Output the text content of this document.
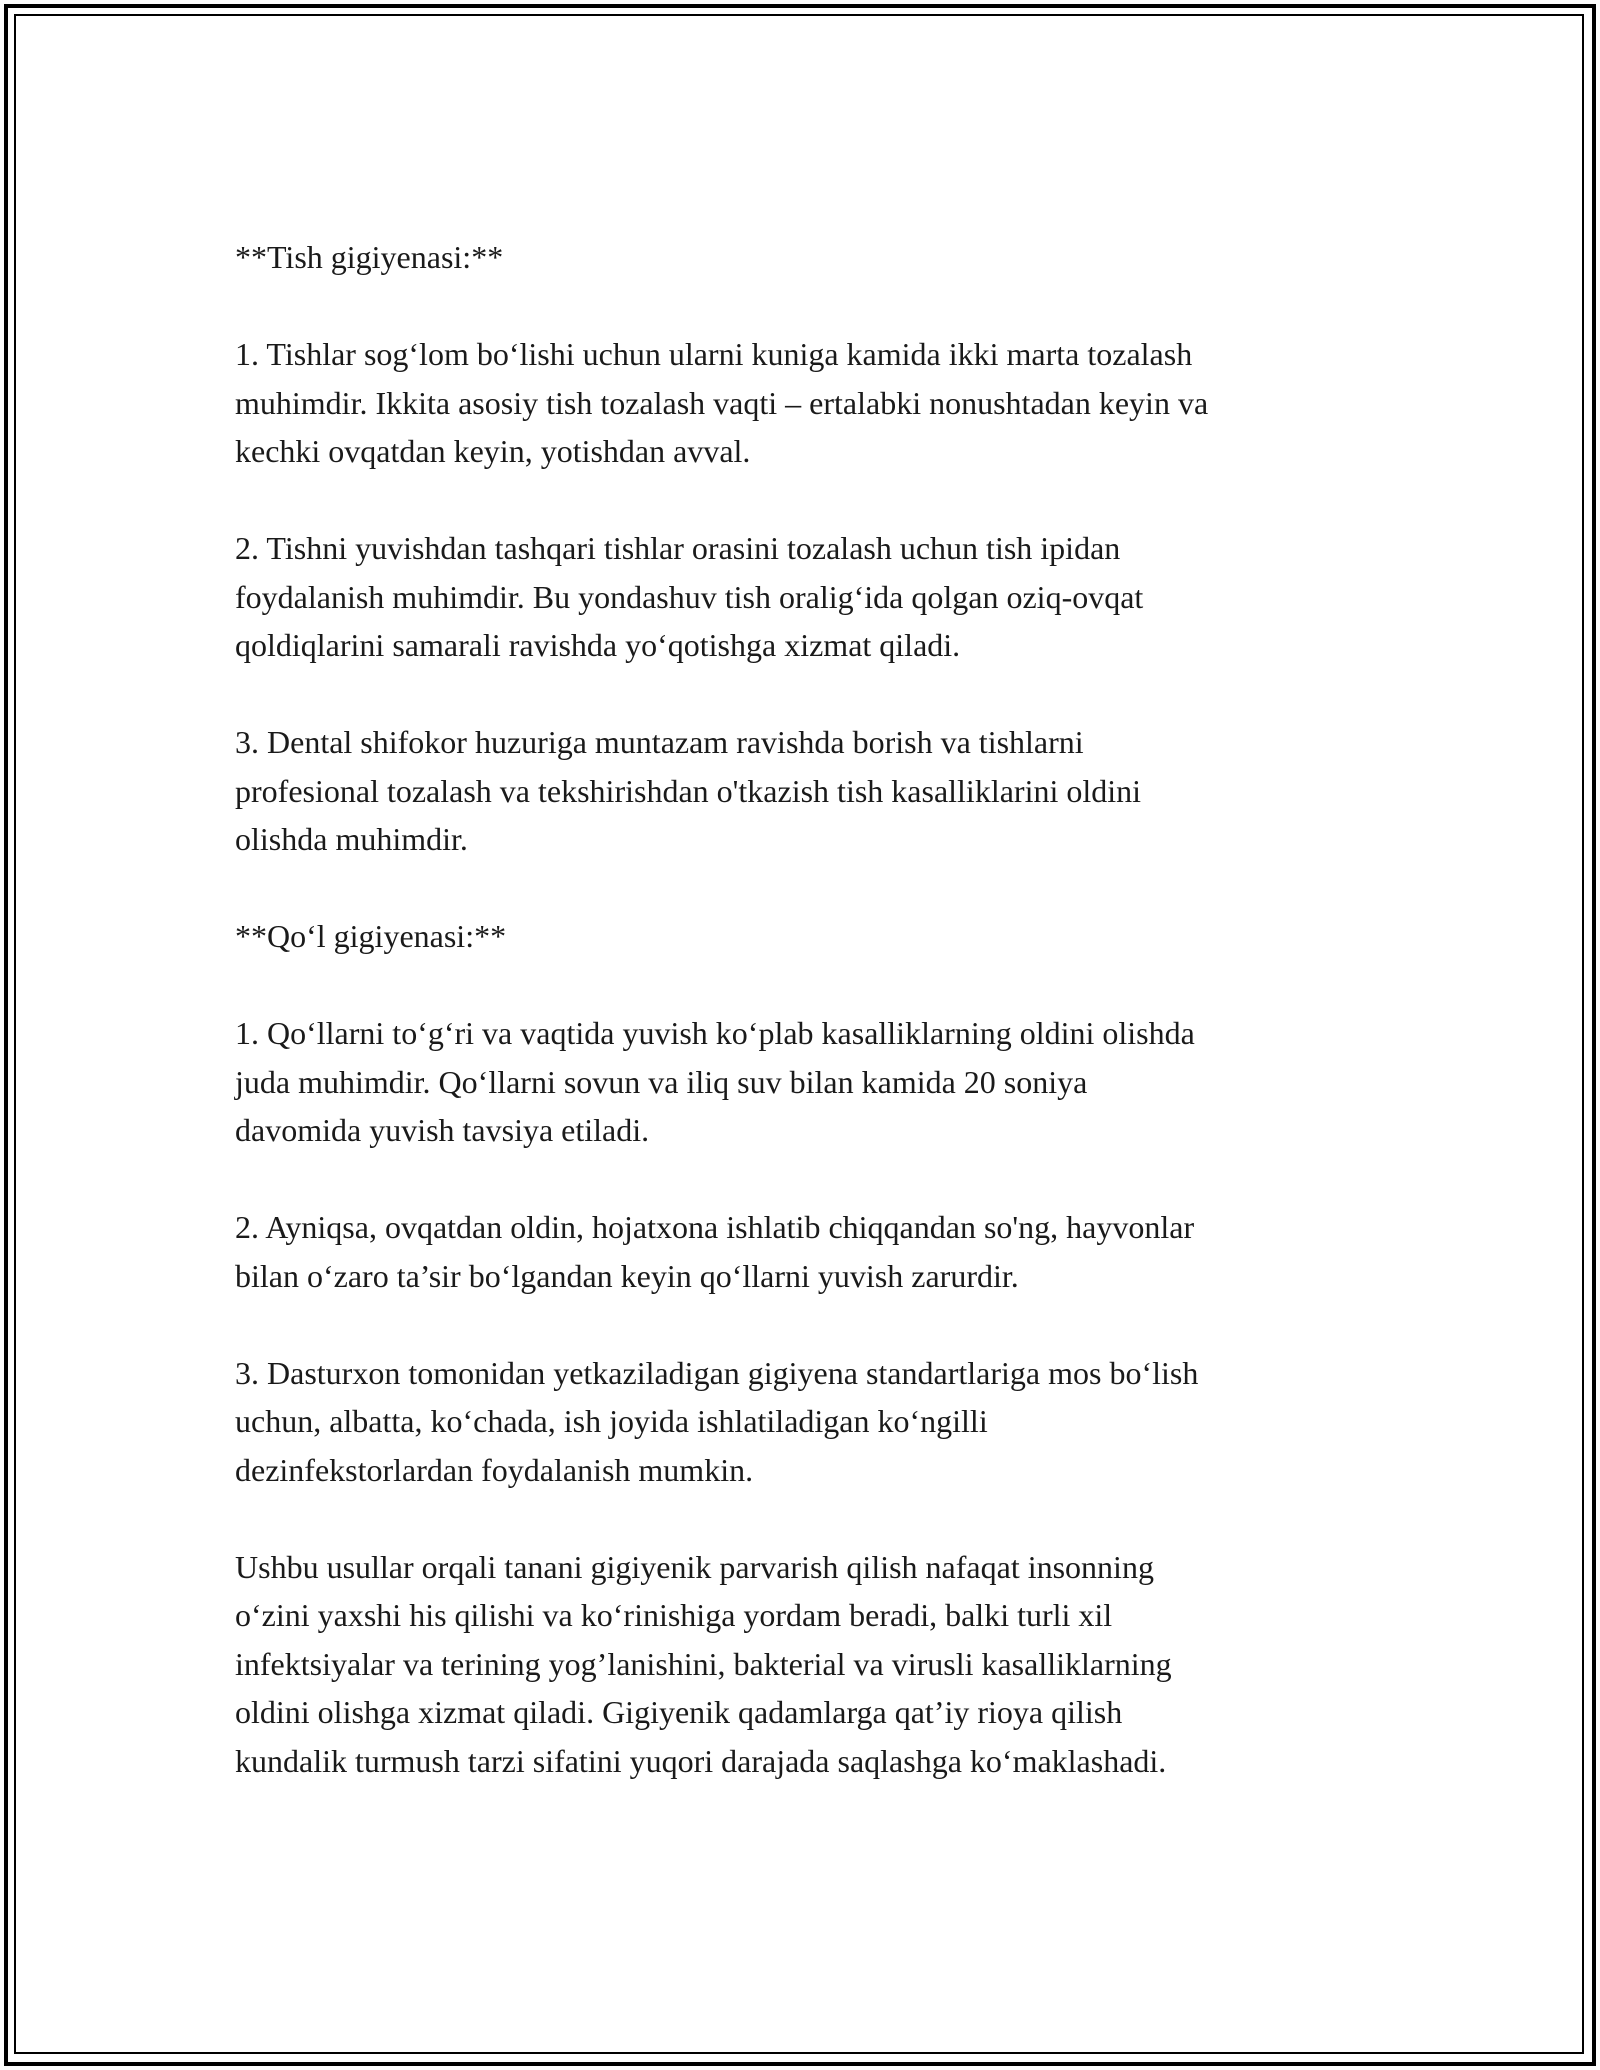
**Tish gigiyenasi:**

1. Tishlar sog‘lom bo‘lishi uchun ularni kuniga kamida ikki marta tozalash
muhimdir. Ikkita asosiy tish tozalash vaqti – ertalabki nonushtadan keyin va
kechki ovqatdan keyin, yotishdan avval.

2. Tishni yuvishdan tashqari tishlar orasini tozalash uchun tish ipidan
foydalanish muhimdir. Bu yondashuv tish oralig‘ida qolgan oziq-ovqat
qoldiqlarini samarali ravishda yo‘qotishga xizmat qiladi.

3. Dental shifokor huzuriga muntazam ravishda borish va tishlarni
profesional tozalash va tekshirishdan o'tkazish tish kasalliklarini oldini
olishda muhimdir.

**Qo‘l gigiyenasi:**

1. Qo‘llarni to‘g‘ri va vaqtida yuvish ko‘plab kasalliklarning oldini olishda
juda muhimdir. Qo‘llarni sovun va iliq suv bilan kamida 20 soniya
davomida yuvish tavsiya etiladi.

2. Ayniqsa, ovqatdan oldin, hojatxona ishlatib chiqqandan so'ng, hayvonlar
bilan o‘zaro ta’sir bo‘lgandan keyin qo‘llarni yuvish zarurdir.

3. Dasturxon tomonidan yetkaziladigan gigiyena standartlariga mos bo‘lish
uchun, albatta, ko‘chada, ish joyida ishlatiladigan ko‘ngilli
dezinfekstorlardan foydalanish mumkin.

Ushbu usullar orqali tanani gigiyenik parvarish qilish nafaqat insonning
o‘zini yaxshi his qilishi va ko‘rinishiga yordam beradi, balki turli xil
infektsiyalar va terining yog’lanishini, bakterial va virusli kasalliklarning
oldini olishga xizmat qiladi. Gigiyenik qadamlarga qat’iy rioya qilish
kundalik turmush tarzi sifatini yuqori darajada saqlashga ko‘maklashadi.
